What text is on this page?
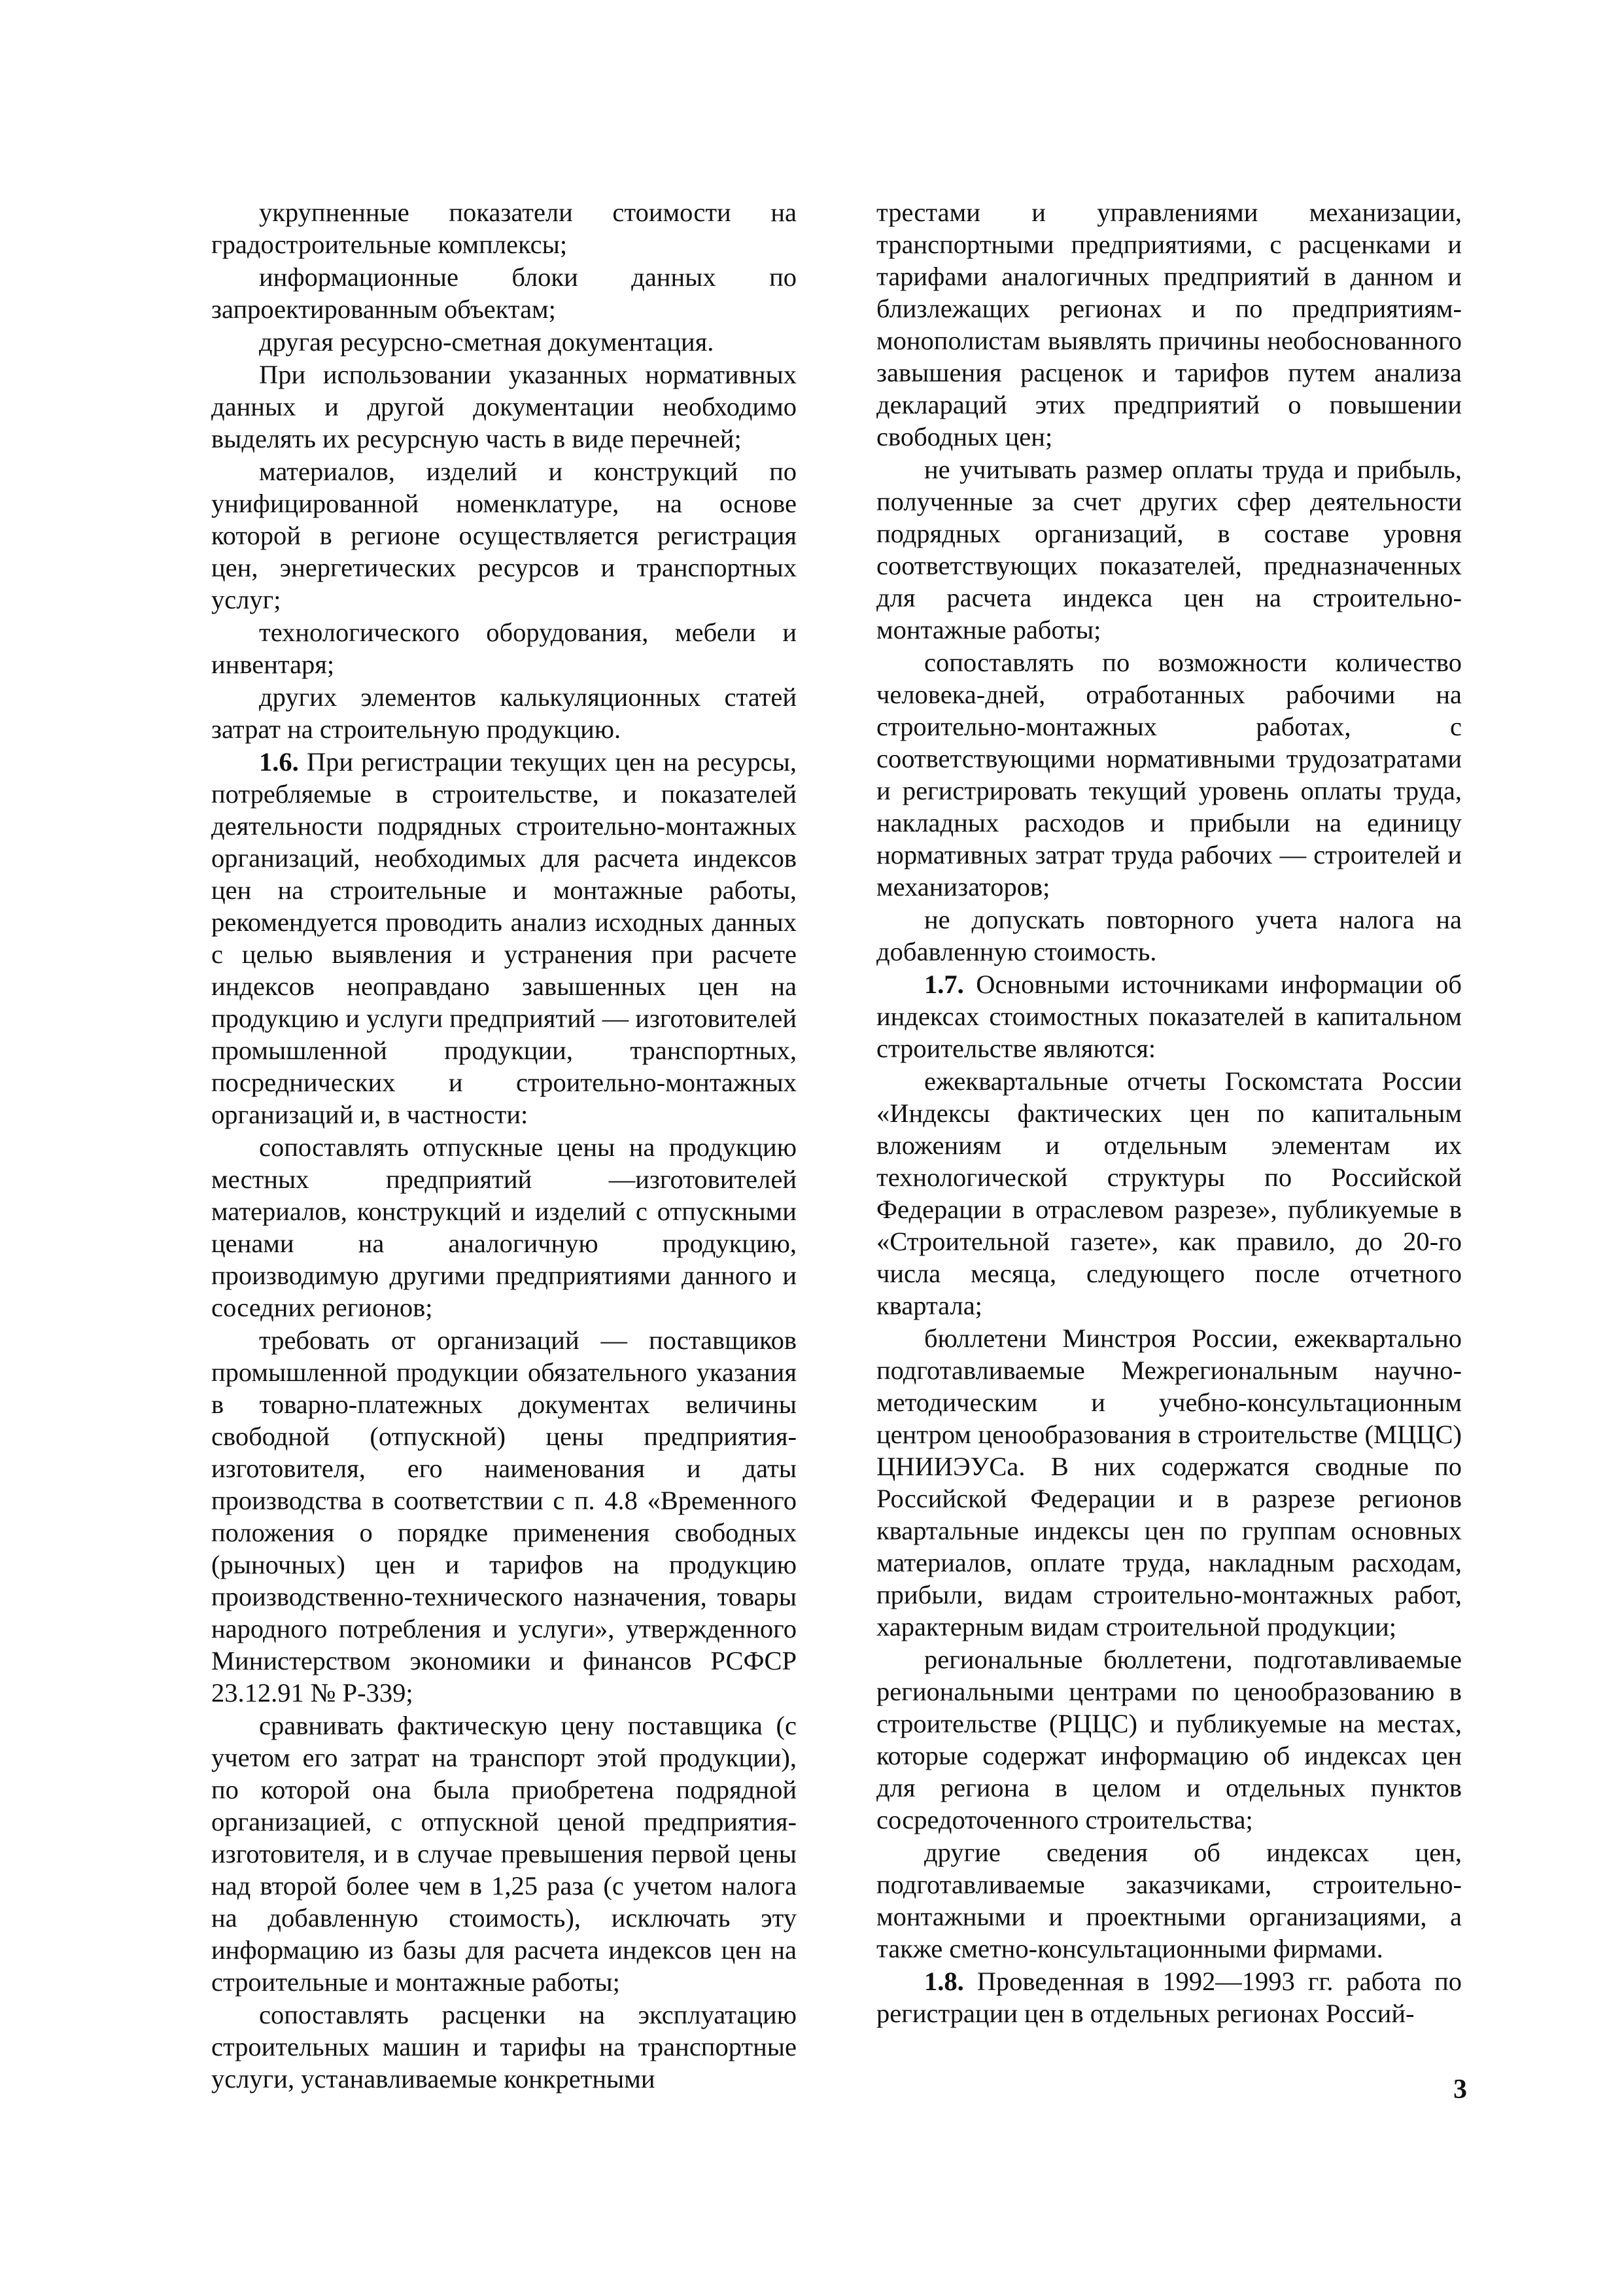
укрупненные показатели стоимости на градостроительные комплексы;

информационные блоки данных по запроектированным объектам;

другая ресурсно-сметная документация.

При использовании указанных нормативных данных и другой документации необходимо выделять их ресурсную часть в виде перечней;

материалов, изделий и конструкций по унифицированной номенклатуре, на основе которой в регионе осуществляется регистрация цен, энергетических ресурсов и транспортных услуг;

технологического оборудования, мебели и инвентаря;

других элементов калькуляционных статей затрат на строительную продукцию.

1.6. При регистрации текущих цен на ресурсы, потребляемые в строительстве, и показателей деятельности подрядных строительно-монтажных организаций, необходимых для расчета индексов цен на строительные и монтажные работы, рекомендуется проводить анализ исходных данных с целью выявления и устранения при расчете индексов неоправдано завышенных цен на продукцию и услуги предприятий — изготовителей промышленной продукции, транспортных, посреднических и строительно-монтажных организаций и, в частности:

сопоставлять отпускные цены на продукцию местных предприятий —изготовителей материалов, конструкций и изделий с отпускными ценами на аналогичную продукцию, производимую другими предприятиями данного и соседних регионов;

требовать от организаций — поставщиков промышленной продукции обязательного указания в товарно-платежных документах величины свободной (отпускной) цены предприятия-изготовителя, его наименования и даты производства в соответствии с п. 4.8 «Временного положения о порядке применения свободных (рыночных) цен и тарифов на продукцию производственно-технического назначения, товары народного потребления и услуги», утвержденного Министерством экономики и финансов РСФСР 23.12.91 № Р-339;

сравнивать фактическую цену поставщика (с учетом его затрат на транспорт этой продукции), по которой она была приобретена подрядной организацией, с отпускной ценой предприятия-изготовителя, и в случае превышения первой цены над второй более чем в 1,25 раза (с учетом налога на добавленную стоимость), исключать эту информацию из базы для расчета индексов цен на строительные и монтажные работы;

сопоставлять расценки на эксплуатацию строительных машин и тарифы на транспортные услуги, устанавливаемые конкретными

трестами и управлениями механизации, транспортными предприятиями, с расценками и тарифами аналогичных предприятий в данном и близлежащих регионах и по предприятиям-монополистам выявлять причины необоснованного завышения расценок и тарифов путем анализа деклараций этих предприятий о повышении свободных цен;

не учитывать размер оплаты труда и прибыль, полученные за счет других сфер деятельности подрядных организаций, в составе уровня соответствующих показателей, предназначенных для расчета индекса цен на строительно-монтажные работы;

сопоставлять по возможности количество человека-дней, отработанных рабочими на строительно-монтажных работах, с соответствующими нормативными трудозатратами и регистрировать текущий уровень оплаты труда, накладных расходов и прибыли на единицу нормативных затрат труда рабочих — строителей и механизаторов;

не допускать повторного учета налога на добавленную стоимость.

1.7. Основными источниками информации об индексах стоимостных показателей в капитальном строительстве являются:

ежеквартальные отчеты Госкомстата России «Индексы фактических цен по капитальным вложениям и отдельным элементам их технологической структуры по Российской Федерации в отраслевом разрезе», публикуемые в «Строительной газете», как правило, до 20-го числа месяца, следующего после отчетного квартала;

бюллетени Минстроя России, ежеквартально подготавливаемые Межрегиональным научно-методическим и учебно-консультационным центром ценообразования в строительстве (МЦЦС) ЦНИИЭУСа. В них содержатся сводные по Российской Федерации и в разрезе регионов квартальные индексы цен по группам основных материалов, оплате труда, накладным расходам, прибыли, видам строительно-монтажных работ, характерным видам строительной продукции;

региональные бюллетени, подготавливаемые региональными центрами по ценообразованию в строительстве (РЦЦС) и публикуемые на местах, которые содержат информацию об индексах цен для региона в целом и отдельных пунктов сосредоточенного строительства;

другие сведения об индексах цен, подготавливаемые заказчиками, строительно-монтажными и проектными организациями, а также сметно-консультационными фирмами.

1.8. Проведенная в 1992—1993 гг. работа по регистрации цен в отдельных регионах Россий-

3
